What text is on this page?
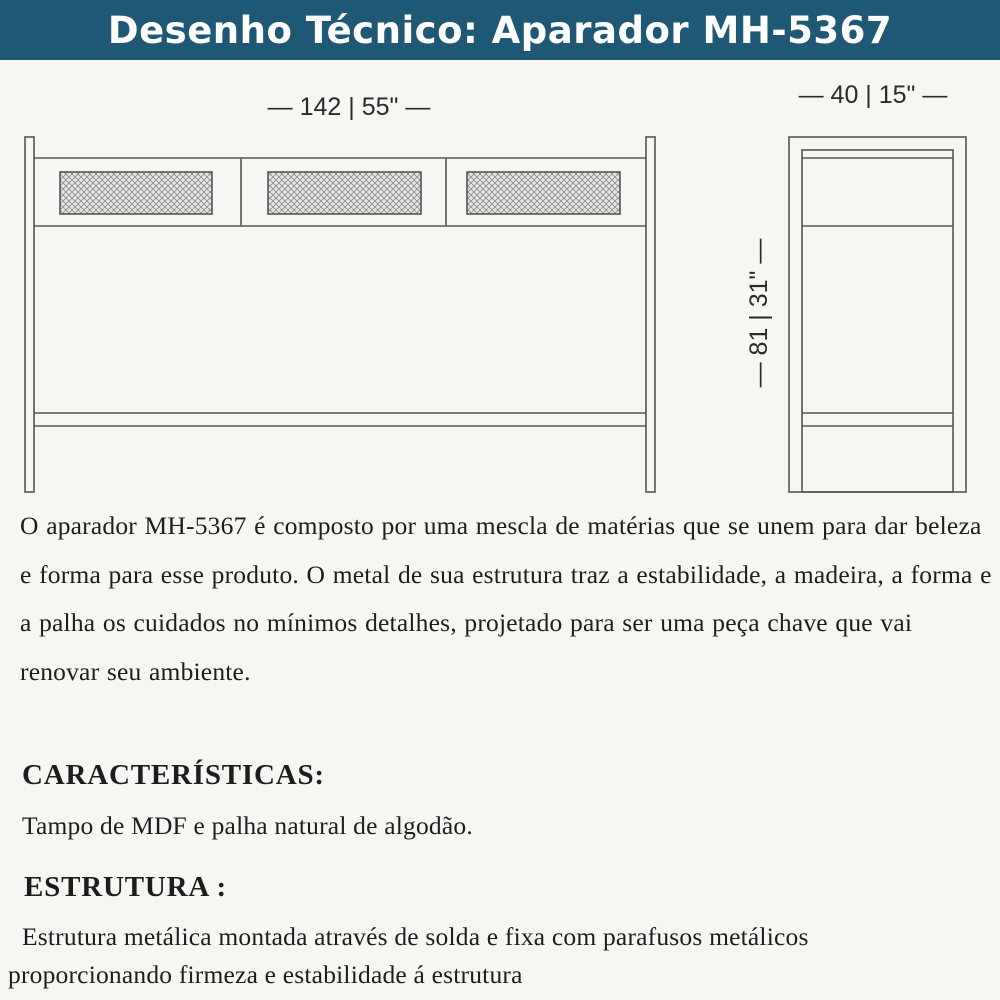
Desenho Técnico: Aparador MH-5367
— 142 | 55" —	— 40 | 15" —
— 81 | 31" —

O aparador MH-5367 é composto por uma mescla de matérias que se unem para dar beleza e forma para esse produto. O metal de sua estrutura traz a estabilidade, a madeira, a forma e a palha os cuidados no mínimos detalhes, projetado para ser uma peça chave que vai renovar seu ambiente.

CARACTERÍSTICAS:

Tampo de MDF e palha natural de algodão.

ESTRUTURA :

Estrutura metálica montada através de solda e fixa com parafusos metálicos

proporcionando firmeza e estabilidade á estrutura
